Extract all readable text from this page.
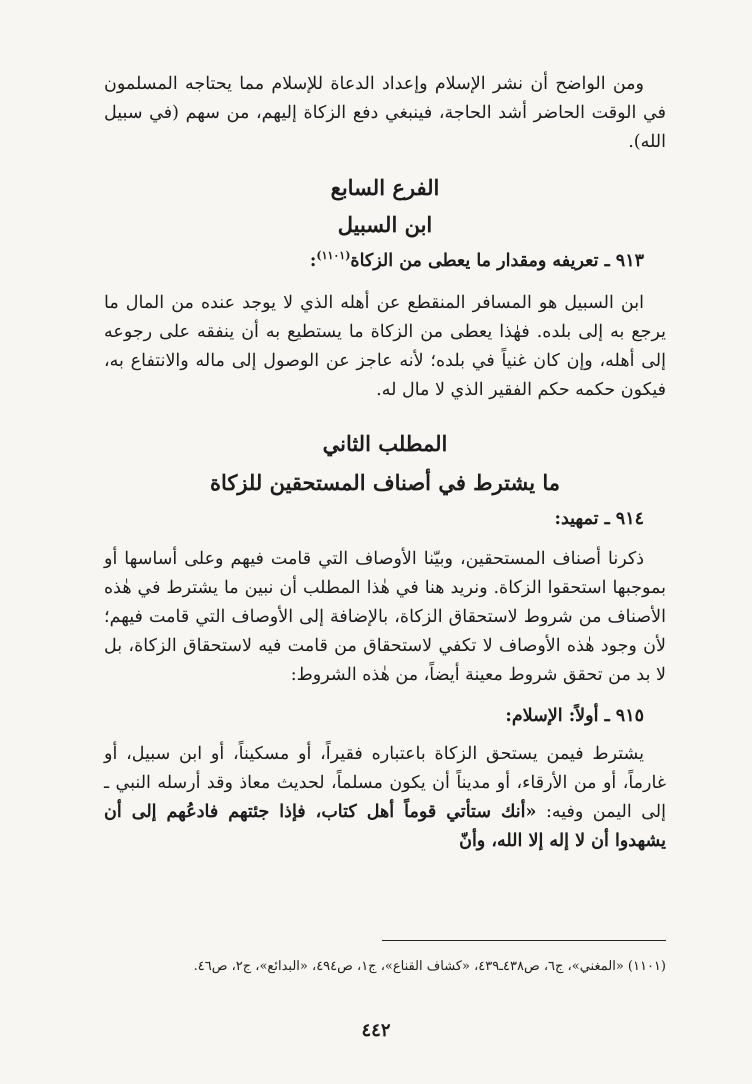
ومن الواضح أن نشر الإسلام وإعداد الدعاة للإسلام مما يحتاجه المسلمون في الوقت الحاضر أشد الحاجة، فينبغي دفع الزكاة إليهم، من سهم (في سبيل الله).

الفرع السابع

ابن السبيل

٩١٣ ـ تعريفه ومقدار ما يعطى من الزكاة$^{(١١٠١)}$:

ابن السبيل هو المسافر المنقطع عن أهله الذي لا يوجد عنده من المال ما يرجع به إلى بلده. فهٰذا يعطى من الزكاة ما يستطيع به أن ينفقه على رجوعه إلى أهله، وإن كان غنياً في بلده؛ لأنه عاجز عن الوصول إلى ماله والانتفاع به، فيكون حكمه حكم الفقير الذي لا مال له.

المطلب الثاني

ما يشترط في أصناف المستحقين للزكاة

٩١٤ ـ تمهيد:

ذكرنا أصناف المستحقين، وبيّنا الأوصاف التي قامت فيهم وعلى أساسها أو بموجبها استحقوا الزكاة. ونريد هنا في هٰذا المطلب أن نبين ما يشترط في هٰذه الأصناف من شروط لاستحقاق الزكاة، بالإضافة إلى الأوصاف التي قامت فيهم؛ لأن وجود هٰذه الأوصاف لا تكفي لاستحقاق من قامت فيه لاستحقاق الزكاة، بل لا بد من تحقق شروط معينة أيضاً، من هٰذه الشروط:

٩١٥ ـ أولاً: الإسلام:

يشترط فيمن يستحق الزكاة باعتباره فقيراً، أو مسكيناً، أو ابن سبيل، أو غارماً، أو من الأرقاء، أو مديناً أن يكون مسلماً، لحديث معاذ وقد أرسله النبي ـ إلى اليمن وفيه: «أنك ستأتي قوماً أهل كتاب، فإذا جئتهم فادعُهم إلى أن يشهدوا أن لا إله إلا الله، وأنّ

(١١٠١) «المغني»، ج٦، ص٤٣٨ـ٤٣٩، «كشاف القناع»، ج١، ص٤٩٤، «البدائع»، ج٢، ص٤٦.
٤٤٢
